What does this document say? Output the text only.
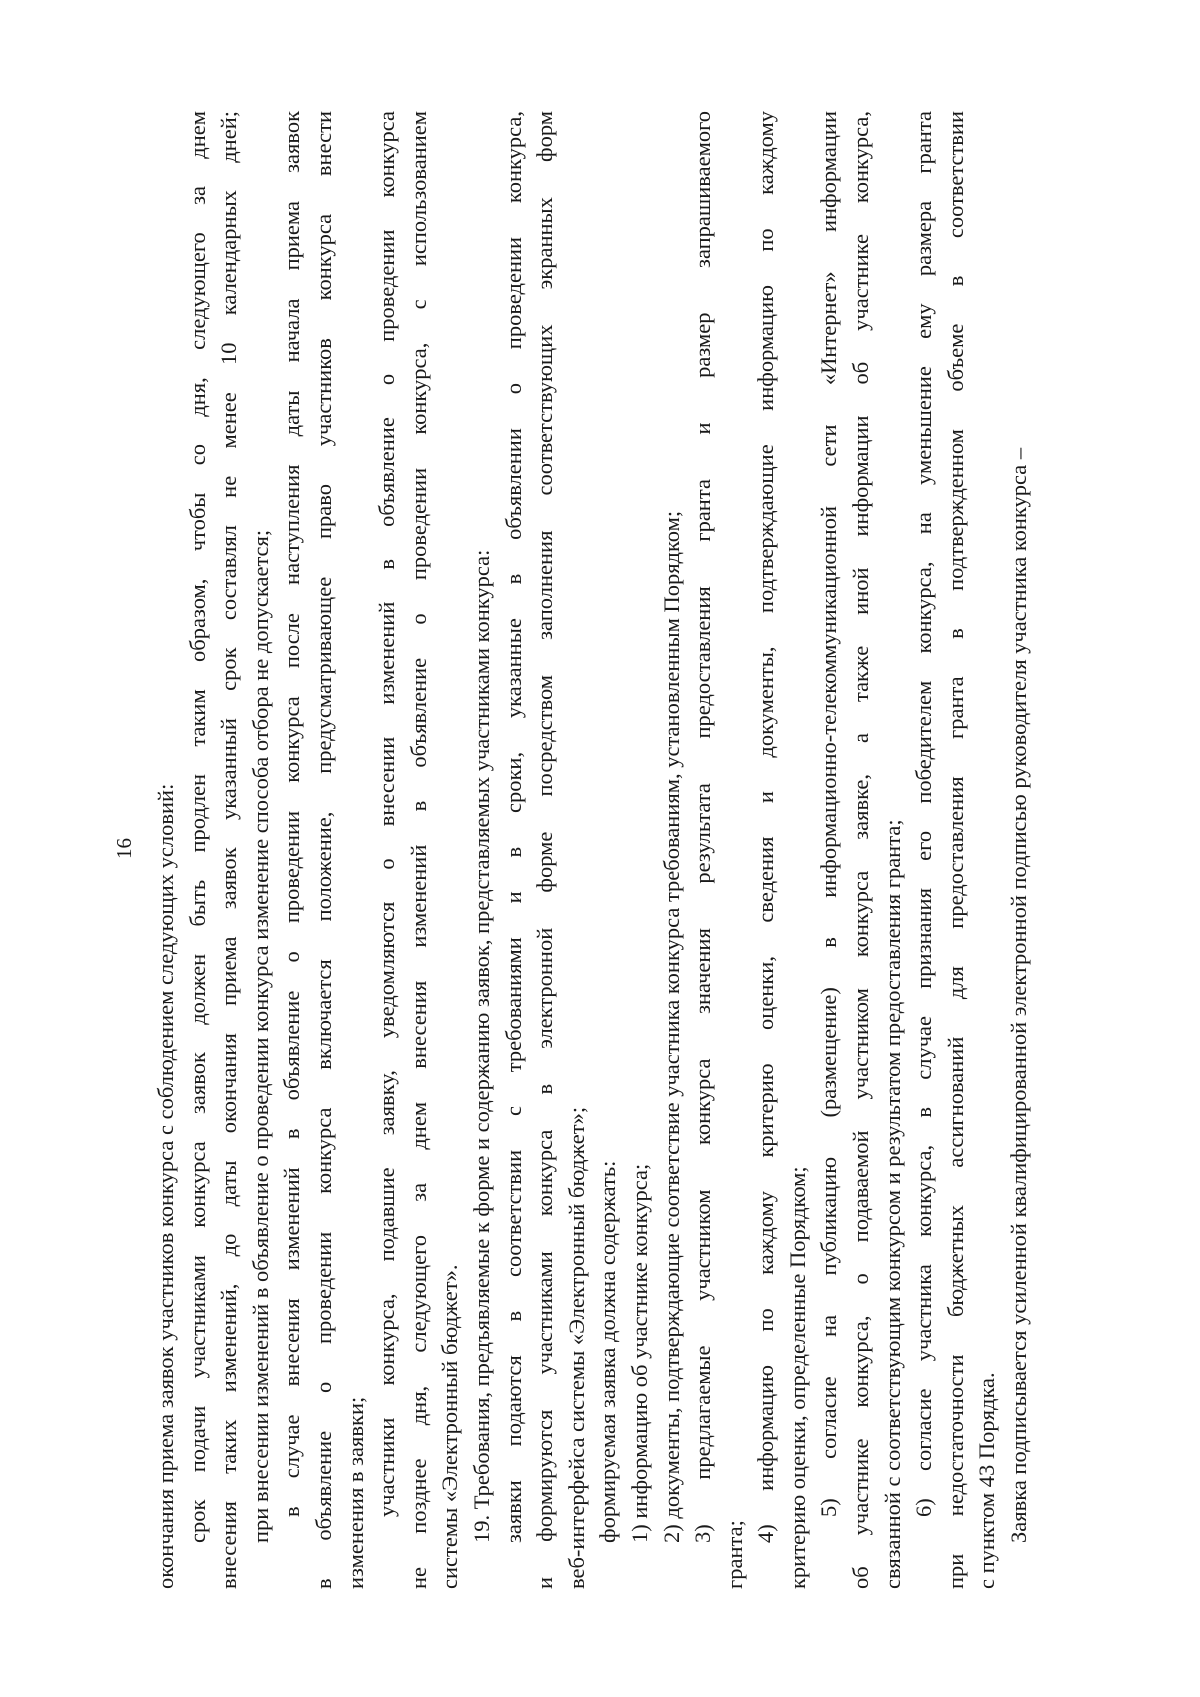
16 окончания приема заявок участников конкурса с соблюдением следующих условий: срок подачи участниками конкурса заявок должен быть продлен таким образом, чтобы со дня, следующего за днем внесения таких изменений, до даты окончания приема заявок указанный срок составлял не менее 10 календарных дней; при внесении изменений в объявление о проведении конкурса изменение способа отбора не допускается; в случае внесения изменений в объявление о проведении конкурса после наступления даты начала приема заявок в объявление о проведении конкурса включается положение, предусматривающее право участников конкурса внести изменения в заявки; участники конкурса, подавшие заявку, уведомляются о внесении изменений в объявление о проведении конкурса не позднее дня, следующего за днем внесения изменений в объявление о проведении конкурса, с использованием системы «Электронный бюджет». 19. Требования, предъявляемые к форме и содержанию заявок, представляемых участниками конкурса: заявки подаются в соответствии с требованиями и в сроки, указанные в объявлении о проведении конкурса, и формируются участниками конкурса в электронной форме посредством заполнения соответствующих экранных форм веб-интерфейса системы «Электронный бюджет»; формируемая заявка должна содержать: 1) информацию об участнике конкурса; 2) документы, подтверждающие соответствие участника конкурса требованиям, установленным Порядком; 3) предлагаемые участником конкурса значения результата предоставления гранта и размер запрашиваемого
гранта;
4) информацию по каждому критерию оценки, сведения и документы, подтверждающие информацию по каждому критерию оценки, определенные Порядком; 5) согласие на публикацию (размещение) в информационно-телекоммуникационной сети «Интернет» информации об участнике конкурса, о подаваемой участником конкурса заявке, а также иной информации об участнике конкурса, связанной с соответствующим конкурсом и результатом предоставления гранта; 6) согласие участника конкурса, в случае признания его победителем конкурса, на уменьшение ему размера гранта при недостаточности бюджетных ассигнований для предоставления гранта в подтвержденном объеме в соответствии с пунктом 43 Порядка. Заявка подписывается усиленной квалифицированной электронной подписью руководителя участника конкурса –
